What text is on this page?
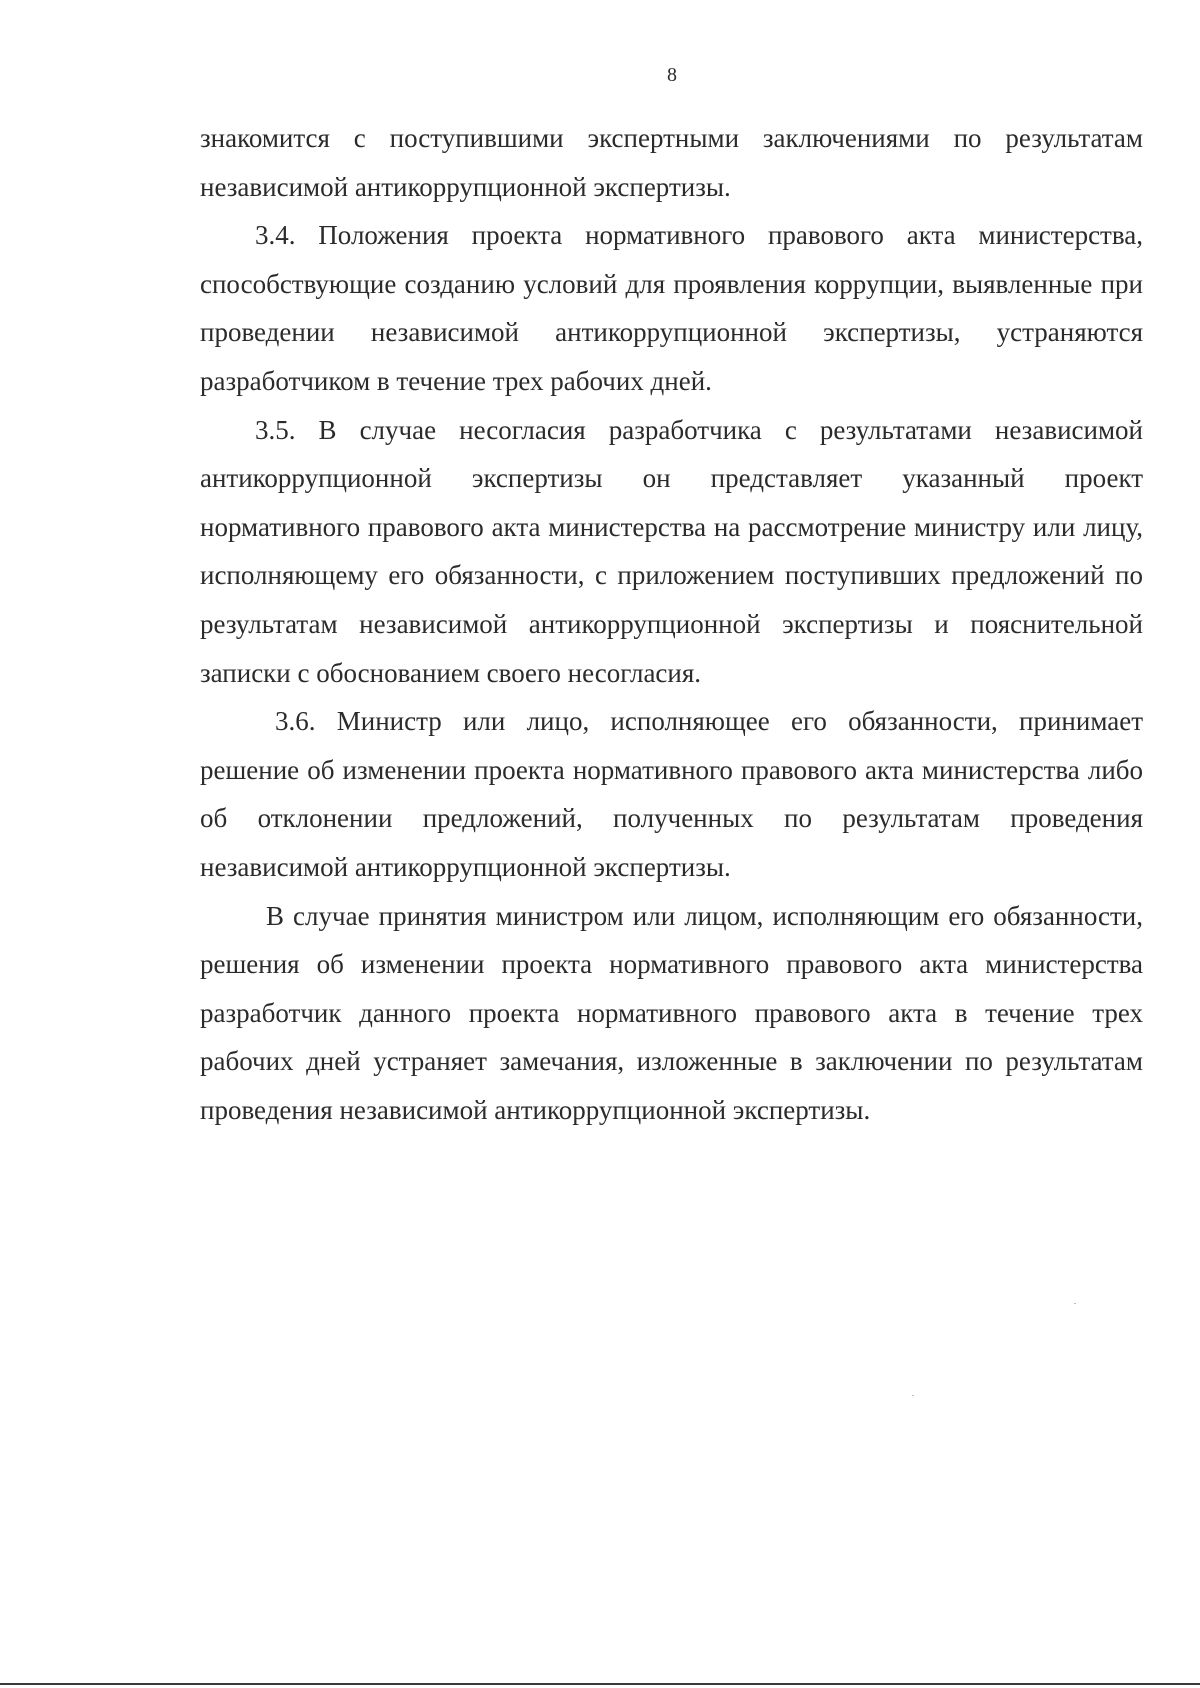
8

знакомится с поступившими экспертными заключениями по результатам независимой антикоррупционной экспертизы.

3.4. Положения проекта нормативного правового акта министерства, способствующие созданию условий для проявления коррупции, выявленные при проведении независимой антикоррупционной экспертизы, устраняются разработчиком в течение трех рабочих дней.

3.5. В случае несогласия разработчика с результатами независимой антикоррупционной экспертизы он представляет указанный проект нормативного правового акта министерства на рассмотрение министру или лицу, исполняющему его обязанности, с приложением поступивших предложений по результатам независимой антикоррупционной экспертизы и пояснительной записки с обоснованием своего несогласия.

3.6. Министр или лицо, исполняющее его обязанности, принимает решение об изменении проекта нормативного правового акта министерства либо об отклонении предложений, полученных по результатам проведения независимой антикоррупционной экспертизы.

В случае принятия министром или лицом, исполняющим его обязанности, решения об изменении проекта нормативного правового акта министерства разработчик данного проекта нормативного правового акта в течение трех рабочих дней устраняет замечания, изложенные в заключении по результатам проведения независимой антикоррупционной экспертизы.
